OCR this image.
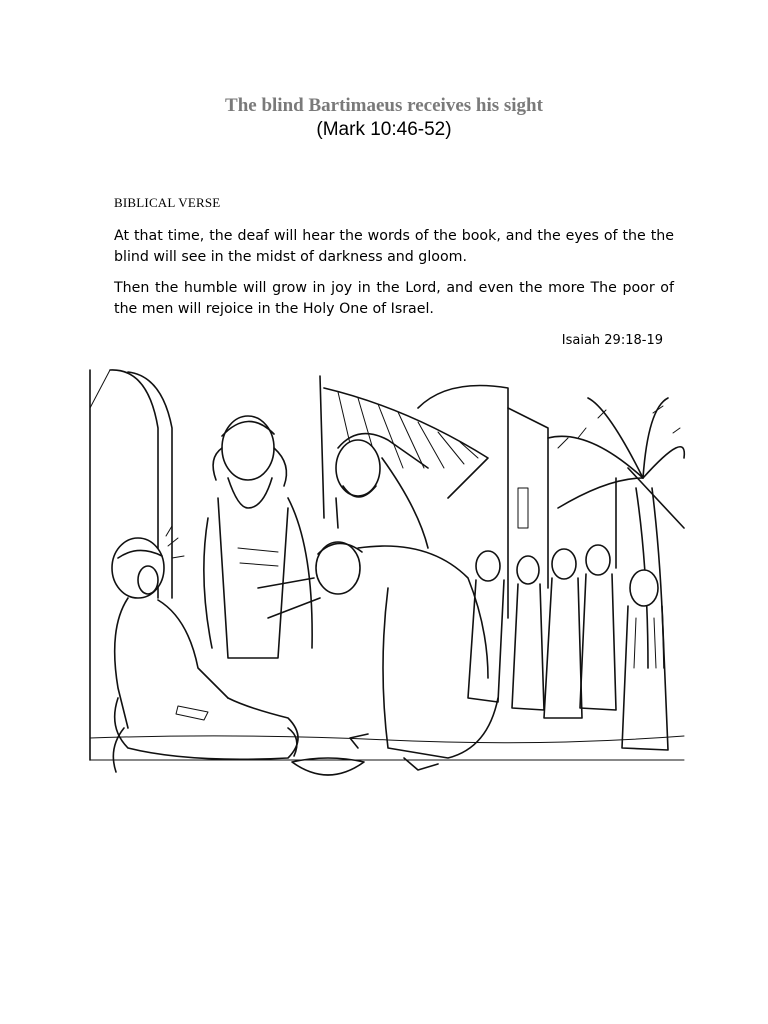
The blind Bartimaeus receives his sight
(Mark 10:46-52)
BIBLICAL VERSE
At that time, the deaf will hear the words of the book, and the eyes of the the blind will see in the midst of darkness and gloom.
Then the humble will grow in joy in the Lord, and even the more The poor of the men will rejoice in the Holy One of Israel.
Isaiah 29:18-19
